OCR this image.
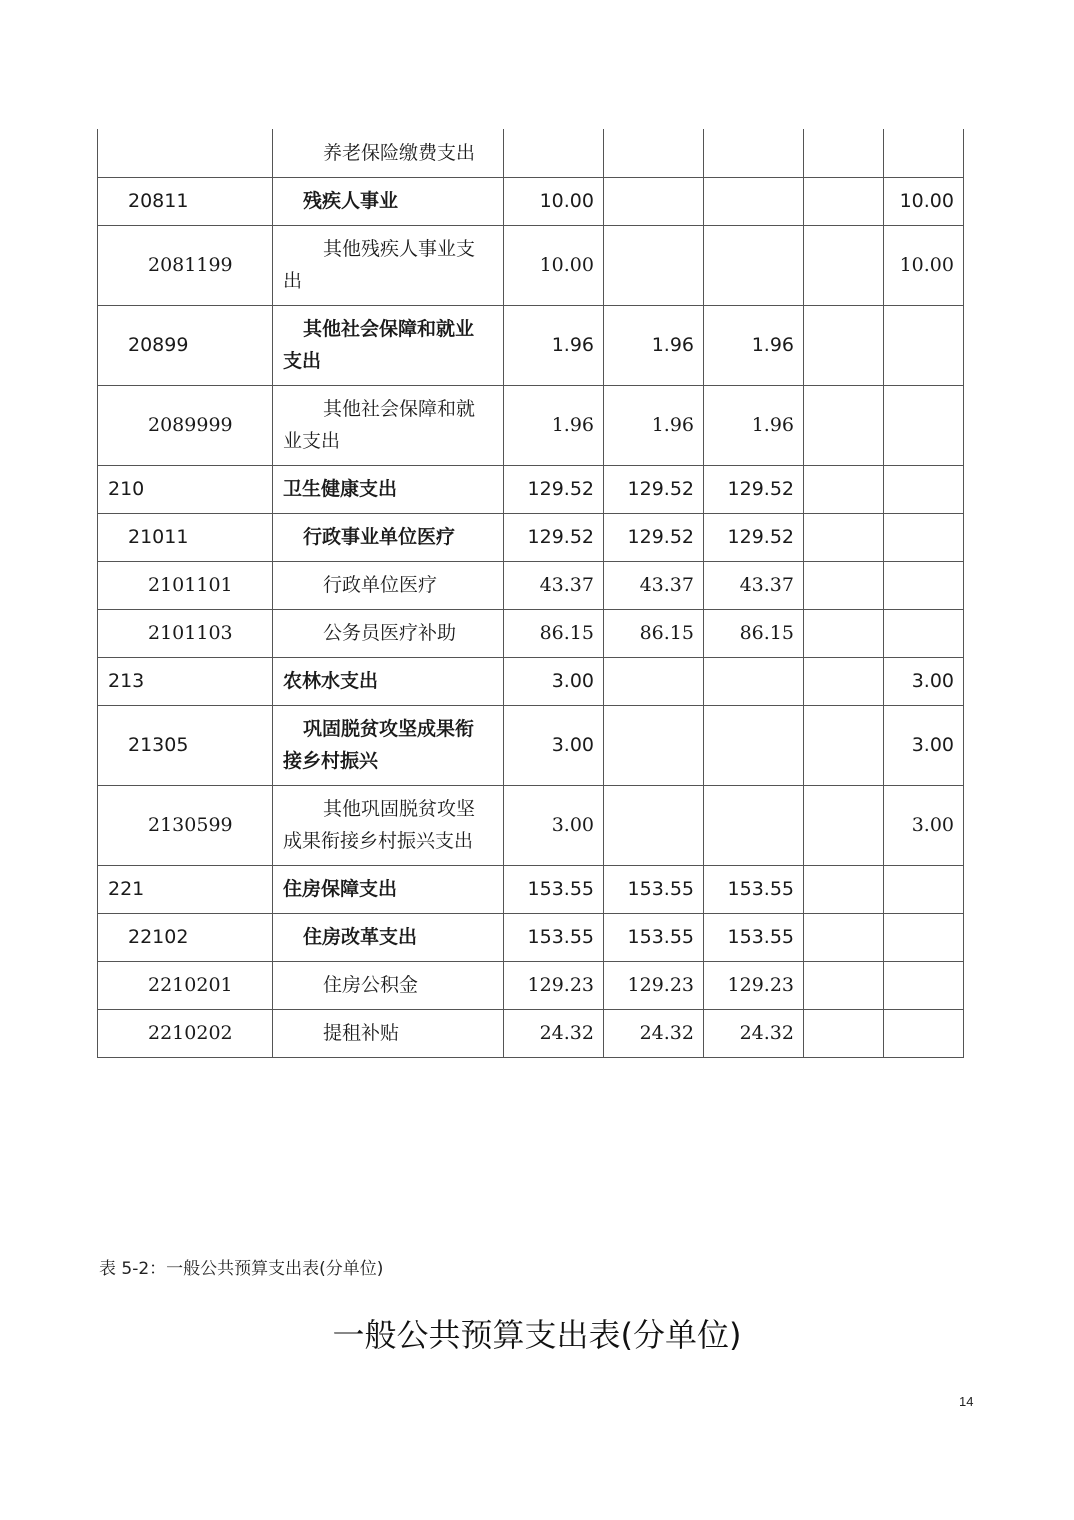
	养老保险缴费支出					
20811	残疾人事业	10.00				10.00
2081199	其他残疾人事业支出	10.00				10.00
20899	其他社会保障和就业支出	1.96	1.96	1.96		
2089999	其他社会保障和就业支出	1.96	1.96	1.96		
210	卫生健康支出	129.52	129.52	129.52		
21011	行政事业单位医疗	129.52	129.52	129.52		
2101101	行政单位医疗	43.37	43.37	43.37		
2101103	公务员医疗补助	86.15	86.15	86.15		
213	农林水支出	3.00				3.00
21305	巩固脱贫攻坚成果衔接乡村振兴	3.00				3.00
2130599	其他巩固脱贫攻坚成果衔接乡村振兴支出	3.00				3.00
221	住房保障支出	153.55	153.55	153.55		
22102	住房改革支出	153.55	153.55	153.55		
2210201	住房公积金	129.23	129.23	129.23		
2210202	提租补贴	24.32	24.32	24.32		
表 5-2：一般公共预算支出表(分单位)
一般公共预算支出表(分单位)
14
